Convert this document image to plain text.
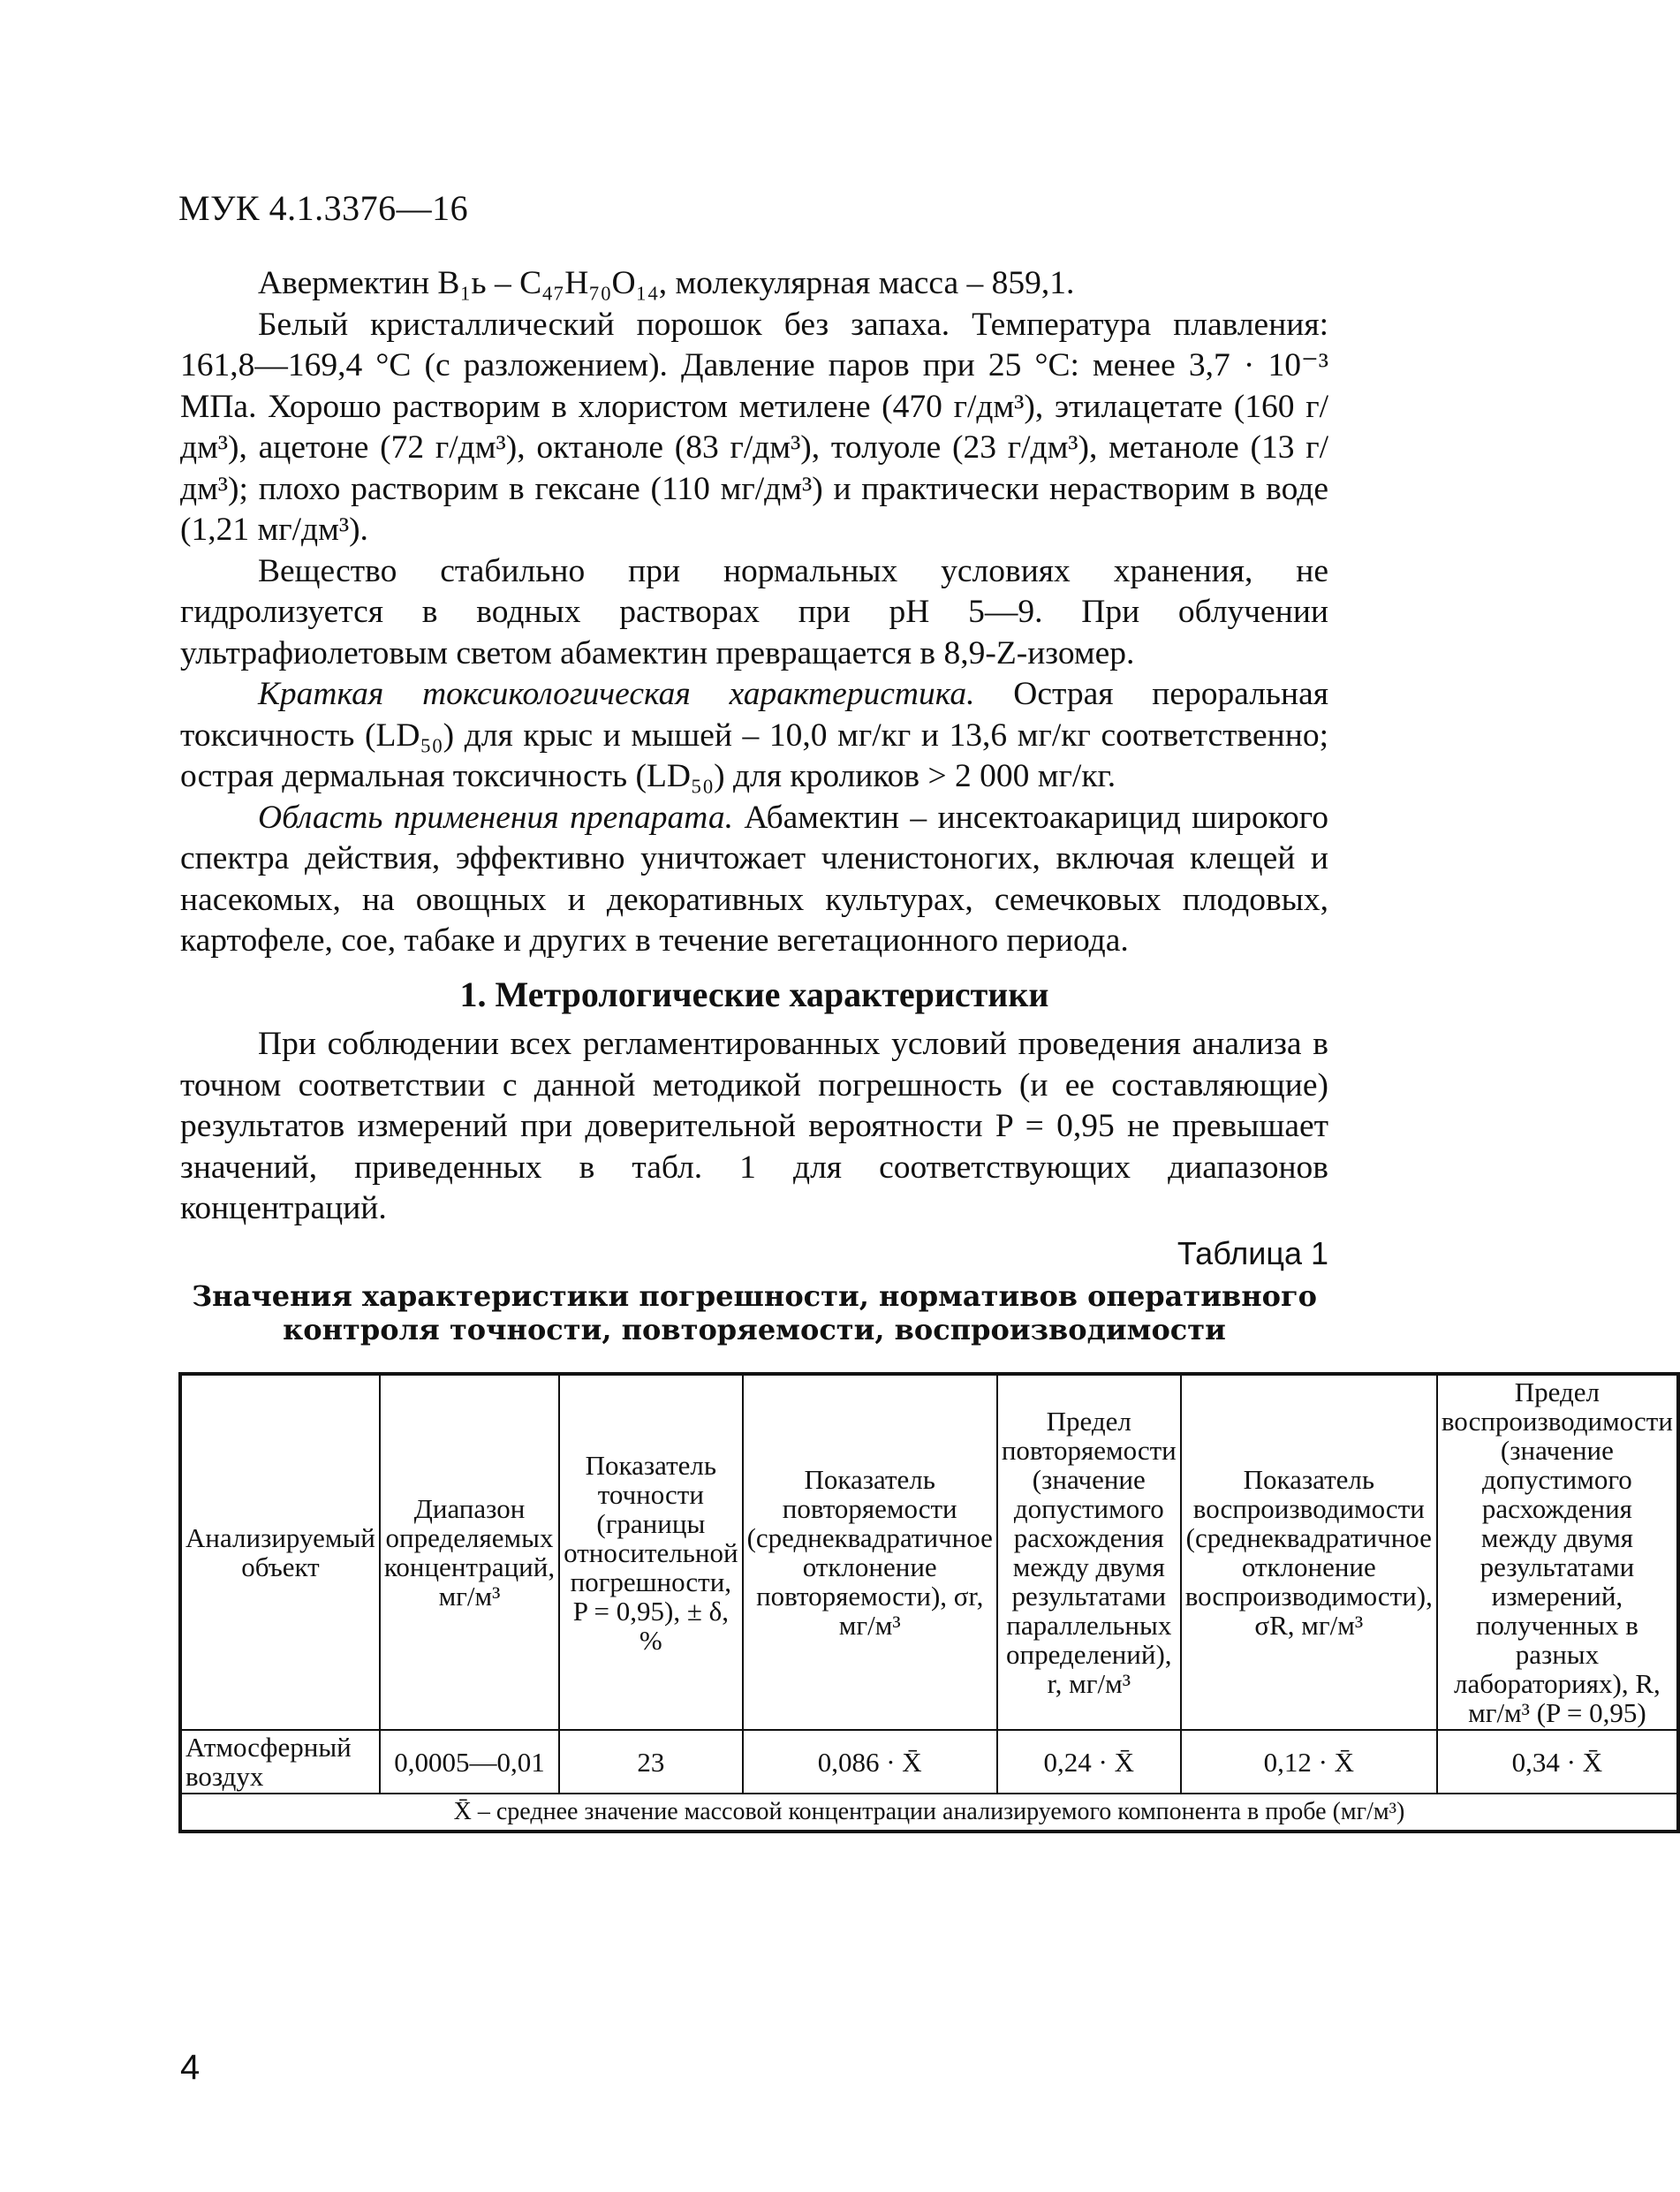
МУК 4.1.3376—16

Авермектин B₁ь – C₄₇H₇₀O₁₄, молекулярная масса – 859,1.

Белый кристаллический порошок без запаха. Температура плавления: 161,8—169,4 °С (с разложением). Давление паров при 25 °С: менее 3,7 · 10⁻³ МПа. Хорошо растворим в хлористом метилене (470 г/дм³), этилацетате (160 г/дм³), ацетоне (72 г/дм³), октаноле (83 г/дм³), толуоле (23 г/дм³), метаноле (13 г/дм³); плохо растворим в гексане (110 мг/дм³) и практически нерастворим в воде (1,21 мг/дм³).

Вещество стабильно при нормальных условиях хранения, не гидролизуется в водных растворах при pH 5—9. При облучении ультрафиолетовым светом абамектин превращается в 8,9-Z-изомер.

Краткая токсикологическая характеристика. Острая пероральная токсичность (LD₅₀) для крыс и мышей – 10,0 мг/кг и 13,6 мг/кг соответственно; острая дермальная токсичность (LD₅₀) для кроликов > 2 000 мг/кг.

Область применения препарата. Абамектин – инсектоакарицид широкого спектра действия, эффективно уничтожает членистоногих, включая клещей и насекомых, на овощных и декоративных культурах, семечковых плодовых, картофеле, сое, табаке и других в течение вегетационного периода.

1. Метрологические характеристики

При соблюдении всех регламентированных условий проведения анализа в точном соответствии с данной методикой погрешность (и ее составляющие) результатов измерений при доверительной вероятности P = 0,95 не превышает значений, приведенных в табл. 1 для соответствующих диапазонов концентраций.

Таблица 1
Значения характеристики погрешности, нормативов оперативного
контроля точности, повторяемости, воспроизводимости
Анализируемый объект	Диапазон определяемых концентраций, мг/м³	Показатель точности (границы относительной погрешности, P = 0,95), ± δ, %	Показатель повторяемости (среднеквадратичное отклонение повторяемости), σr, мг/м³	Предел повторяемости (значение допустимого расхождения между двумя результатами параллельных определений), r, мг/м³	Показатель воспроизводимости (среднеквадратичное отклонение воспроизводимости), σR, мг/м³	Предел воспроизводимости (значение допустимого расхождения между двумя результатами измерений, полученных в разных лабораториях), R, мг/м³ (P = 0,95)
Атмосферный воздух	0,0005—0,01	23	0,086 · X̄	0,24 · X̄	0,12 · X̄	0,34 · X̄
X̄ – среднее значение массовой концентрации анализируемого компонента в пробе (мг/м³)						
4
